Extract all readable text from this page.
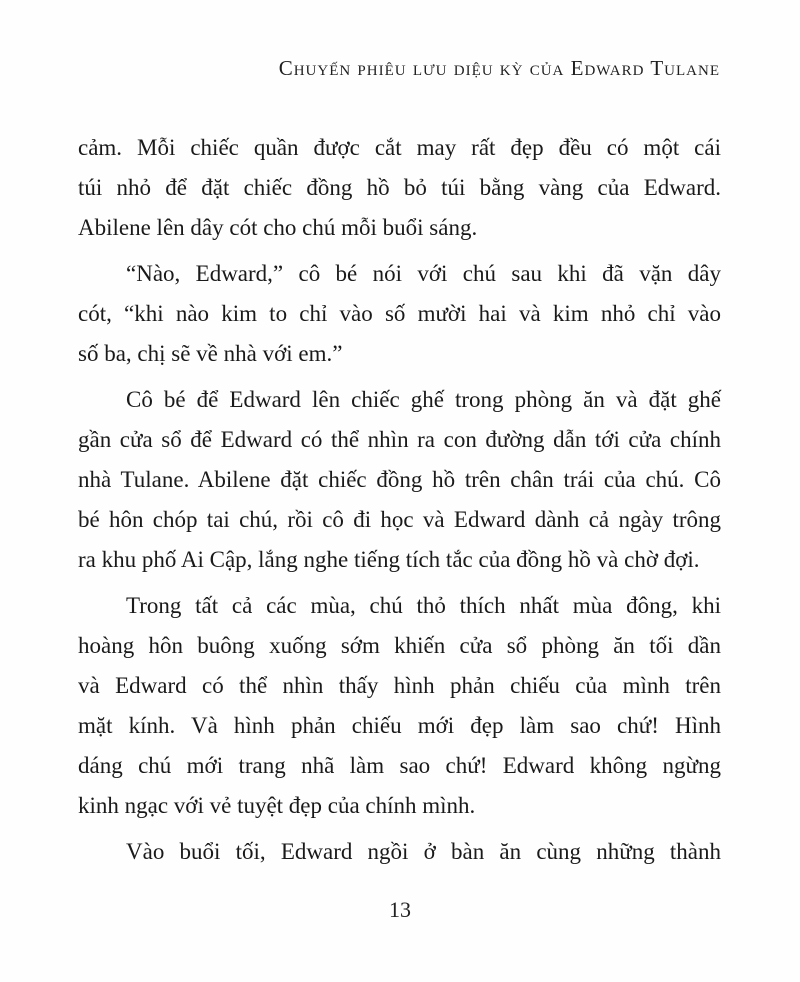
Chuyến phiêu lưu diệu kỳ của Edward Tulane
cảm. Mỗi chiếc quần được cắt may rất đẹp đều có một cái
túi nhỏ để đặt chiếc đồng hồ bỏ túi bằng vàng của Edward.
Abilene lên dây cót cho chú mỗi buổi sáng.
“Nào, Edward,” cô bé nói với chú sau khi đã vặn dây
cót, “khi nào kim to chỉ vào số mười hai và kim nhỏ chỉ vào
số ba, chị sẽ về nhà với em.”
Cô bé để Edward lên chiếc ghế trong phòng ăn và đặt ghế
gần cửa sổ để Edward có thể nhìn ra con đường dẫn tới cửa chính
nhà Tulane. Abilene đặt chiếc đồng hồ trên chân trái của chú. Cô
bé hôn chóp tai chú, rồi cô đi học và Edward dành cả ngày trông
ra khu phố Ai Cập, lắng nghe tiếng tích tắc của đồng hồ và chờ đợi.
Trong tất cả các mùa, chú thỏ thích nhất mùa đông, khi
hoàng hôn buông xuống sớm khiến cửa sổ phòng ăn tối dần
và Edward có thể nhìn thấy hình phản chiếu của mình trên
mặt kính. Và hình phản chiếu mới đẹp làm sao chứ! Hình
dáng chú mới trang nhã làm sao chứ! Edward không ngừng
kinh ngạc với vẻ tuyệt đẹp của chính mình.
Vào buổi tối, Edward ngồi ở bàn ăn cùng những thành
13
